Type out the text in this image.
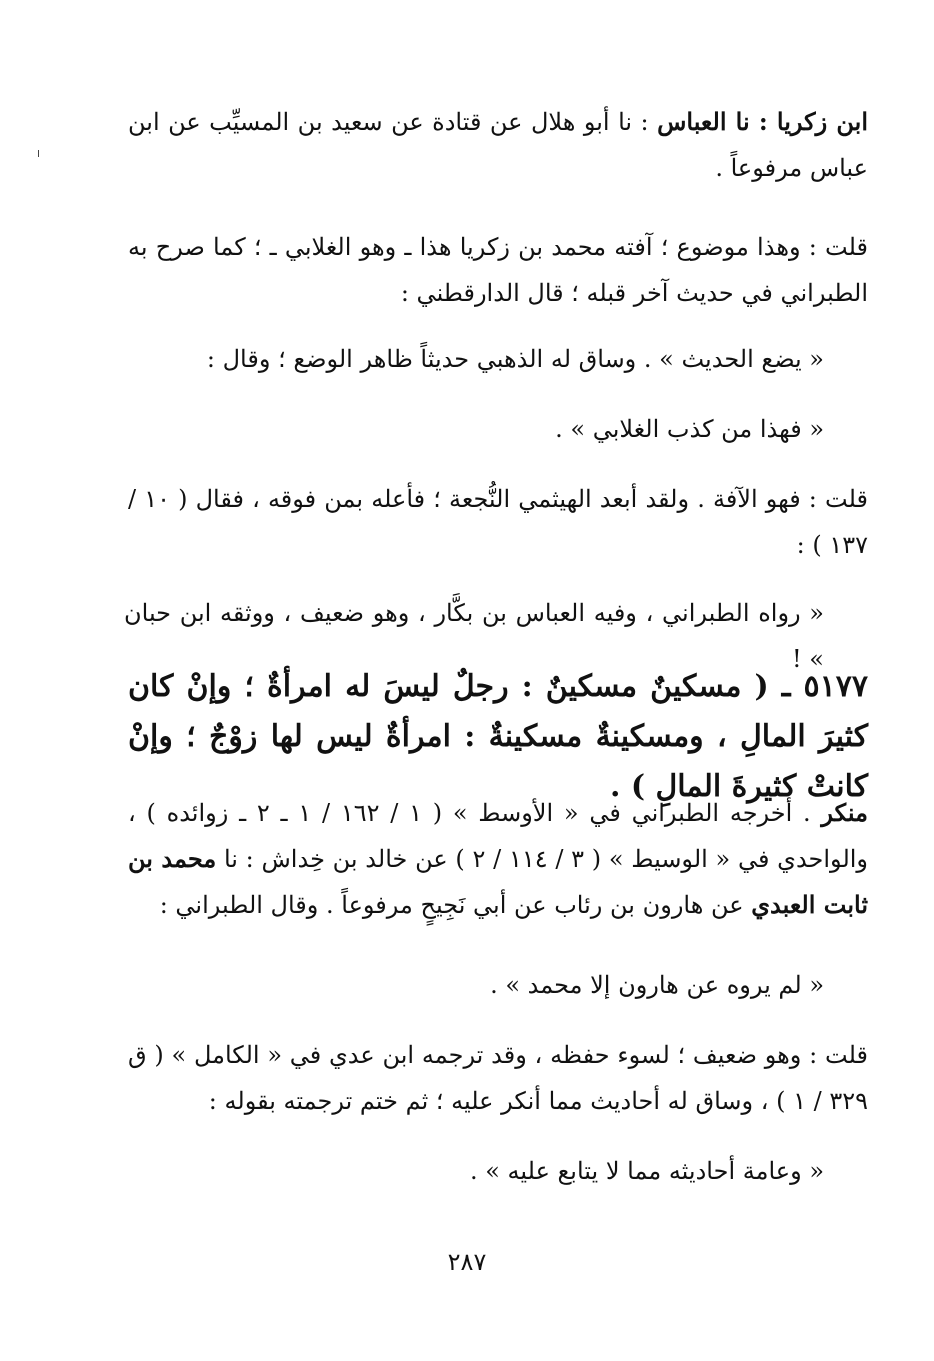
ابن زكريا : نا العباس : نا أبو هلال عن قتادة عن سعيد بن المسيِّب عن ابن عباس مرفوعاً .

قلت : وهذا موضوع ؛ آفته محمد بن زكريا هذا ـ وهو الغلابي ـ ؛ كما صرح به الطبراني في حديث آخر قبله ؛ قال الدارقطني :

« يضع الحديث » . وساق له الذهبي حديثاً ظاهر الوضع ؛ وقال :

« فهذا من كذب الغلابي » .

قلت : فهو الآفة . ولقد أبعد الهيثمي النُّجعة ؛ فأعله بمن فوقه ، فقال ( ١٠ / ١٣٧ ) :

« رواه الطبراني ، وفيه العباس بن بكَّار ، وهو ضعيف ، ووثقه ابن حبان » !

٥١٧٧ ـ ( مسكينٌ مسكينٌ : رجلٌ ليسَ له امرأةٌ ؛ وإنْ كان كثيرَ المالِ ، ومسكينةٌ مسكينةٌ : امرأةٌ ليس لها زوْجٌ ؛ وإنْ كانتْ كثيرةَ المالِ ) .

منكر . أخرجه الطبراني في « الأوسط » ( ١ / ١٦٢ / ١ ـ ٢ ـ زوائده ) ، والواحدي في « الوسيط » ( ٣ / ١١٤ / ٢ ) عن خالد بن خِداش : نا محمد بن ثابت العبدي عن هارون بن رئاب عن أبي نَجِيحٍ مرفوعاً . وقال الطبراني :

« لم يروه عن هارون إلا محمد » .

قلت : وهو ضعيف ؛ لسوء حفظه ، وقد ترجمه ابن عدي في « الكامل » ( ق ٣٢٩ / ١ ) ، وساق له أحاديث مما أنكر عليه ؛ ثم ختم ترجمته بقوله :

« وعامة أحاديثه مما لا يتابع عليه » .

٢٨٧
